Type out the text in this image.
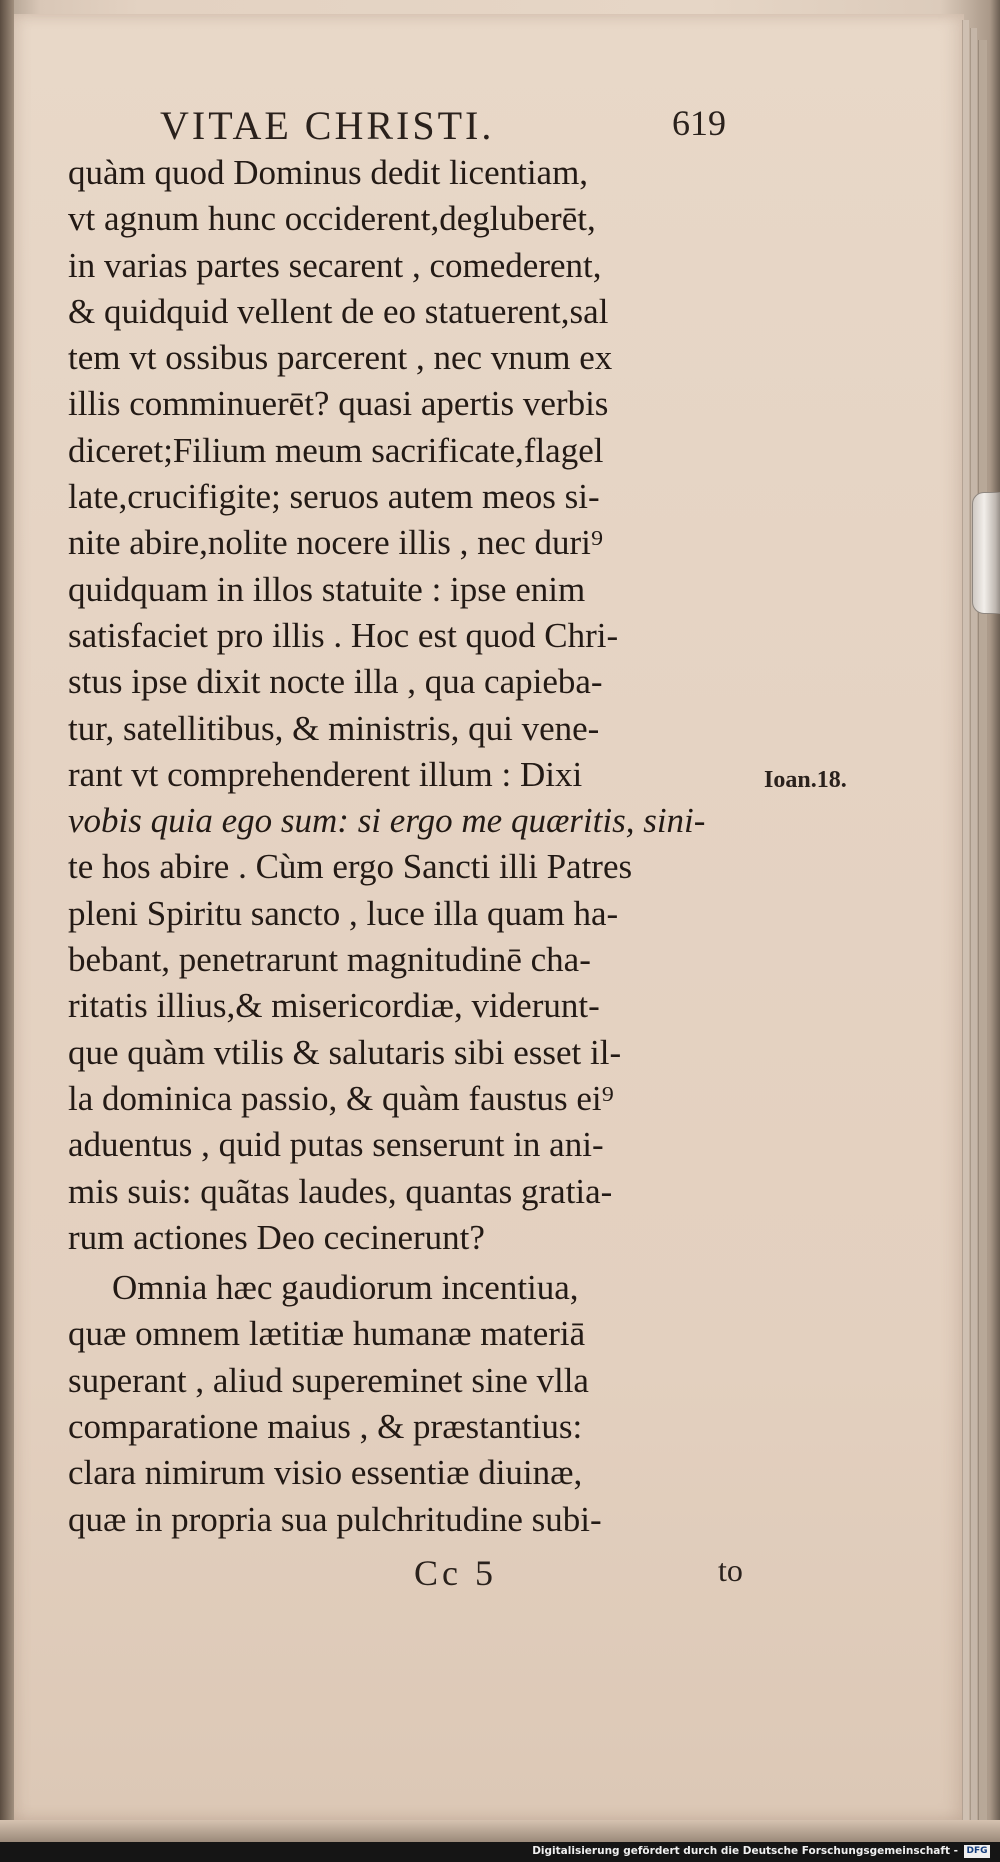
VITAE CHRISTI.	619
quàm quod Dominus dedit licentiam,
vt agnum hunc occiderent,degluberēt,
in varias partes secarent , comederent,
& quidquid vellent de eo statuerent,sal
tem vt ossibus parcerent , nec vnum ex
illis comminuerēt? quasi apertis verbis
diceret;Filium meum sacrificate,flagel
late,crucifigite; seruos autem meos si-
nite abire,nolite nocere illis , nec duri⁹
quidquam in illos statuite : ipse enim
satisfaciet pro illis . Hoc est quod Chri-
stus ipse dixit nocte illa , qua capieba-
tur, satellitibus, & ministris, qui vene-
rant vt comprehenderent illum : Dixi
vobis quia ego sum: si ergo me quæritis, sini-
te hos abire . Cùm ergo Sancti illi Patres
pleni Spiritu sancto , luce illa quam ha-
bebant, penetrarunt magnitudinē cha-
ritatis illius,& misericordiæ, viderunt-
que quàm vtilis & salutaris sibi esset il-
la dominica passio, & quàm faustus ei⁹
aduentus , quid putas senserunt in ani-
mis suis: quãtas laudes, quantas gratia-
rum actiones Deo cecinerunt?
Omnia hæc gaudiorum incentiua,
quæ omnem lætitiæ humanæ materiā
superant , aliud supereminet sine vlla
comparatione maius , & præstantius:
clara nimirum visio essentiæ diuinæ,
quæ in propria sua pulchritudine subi-
Ioan.18.
Cc 5	to
Digitalisierung gefördert durch die Deutsche Forschungsgemeinschaft - DFG
